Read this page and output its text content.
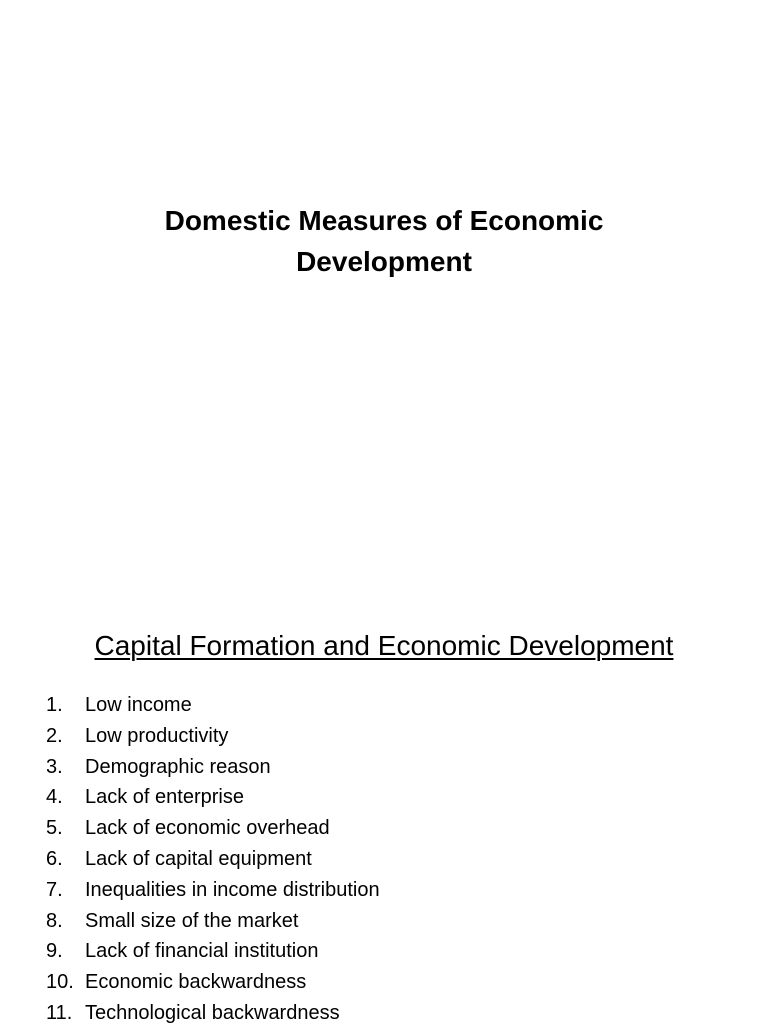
Domestic Measures of Economic
Development
Capital Formation and Economic Development
1.	Low income
2.	Low productivity
3.	Demographic reason
4.	Lack of enterprise
5.	Lack of economic overhead
6.	Lack of capital equipment
7.	Inequalities in income distribution
8.	Small size of the market
9.	Lack of financial institution
10. Economic backwardness
11. Technological backwardness
